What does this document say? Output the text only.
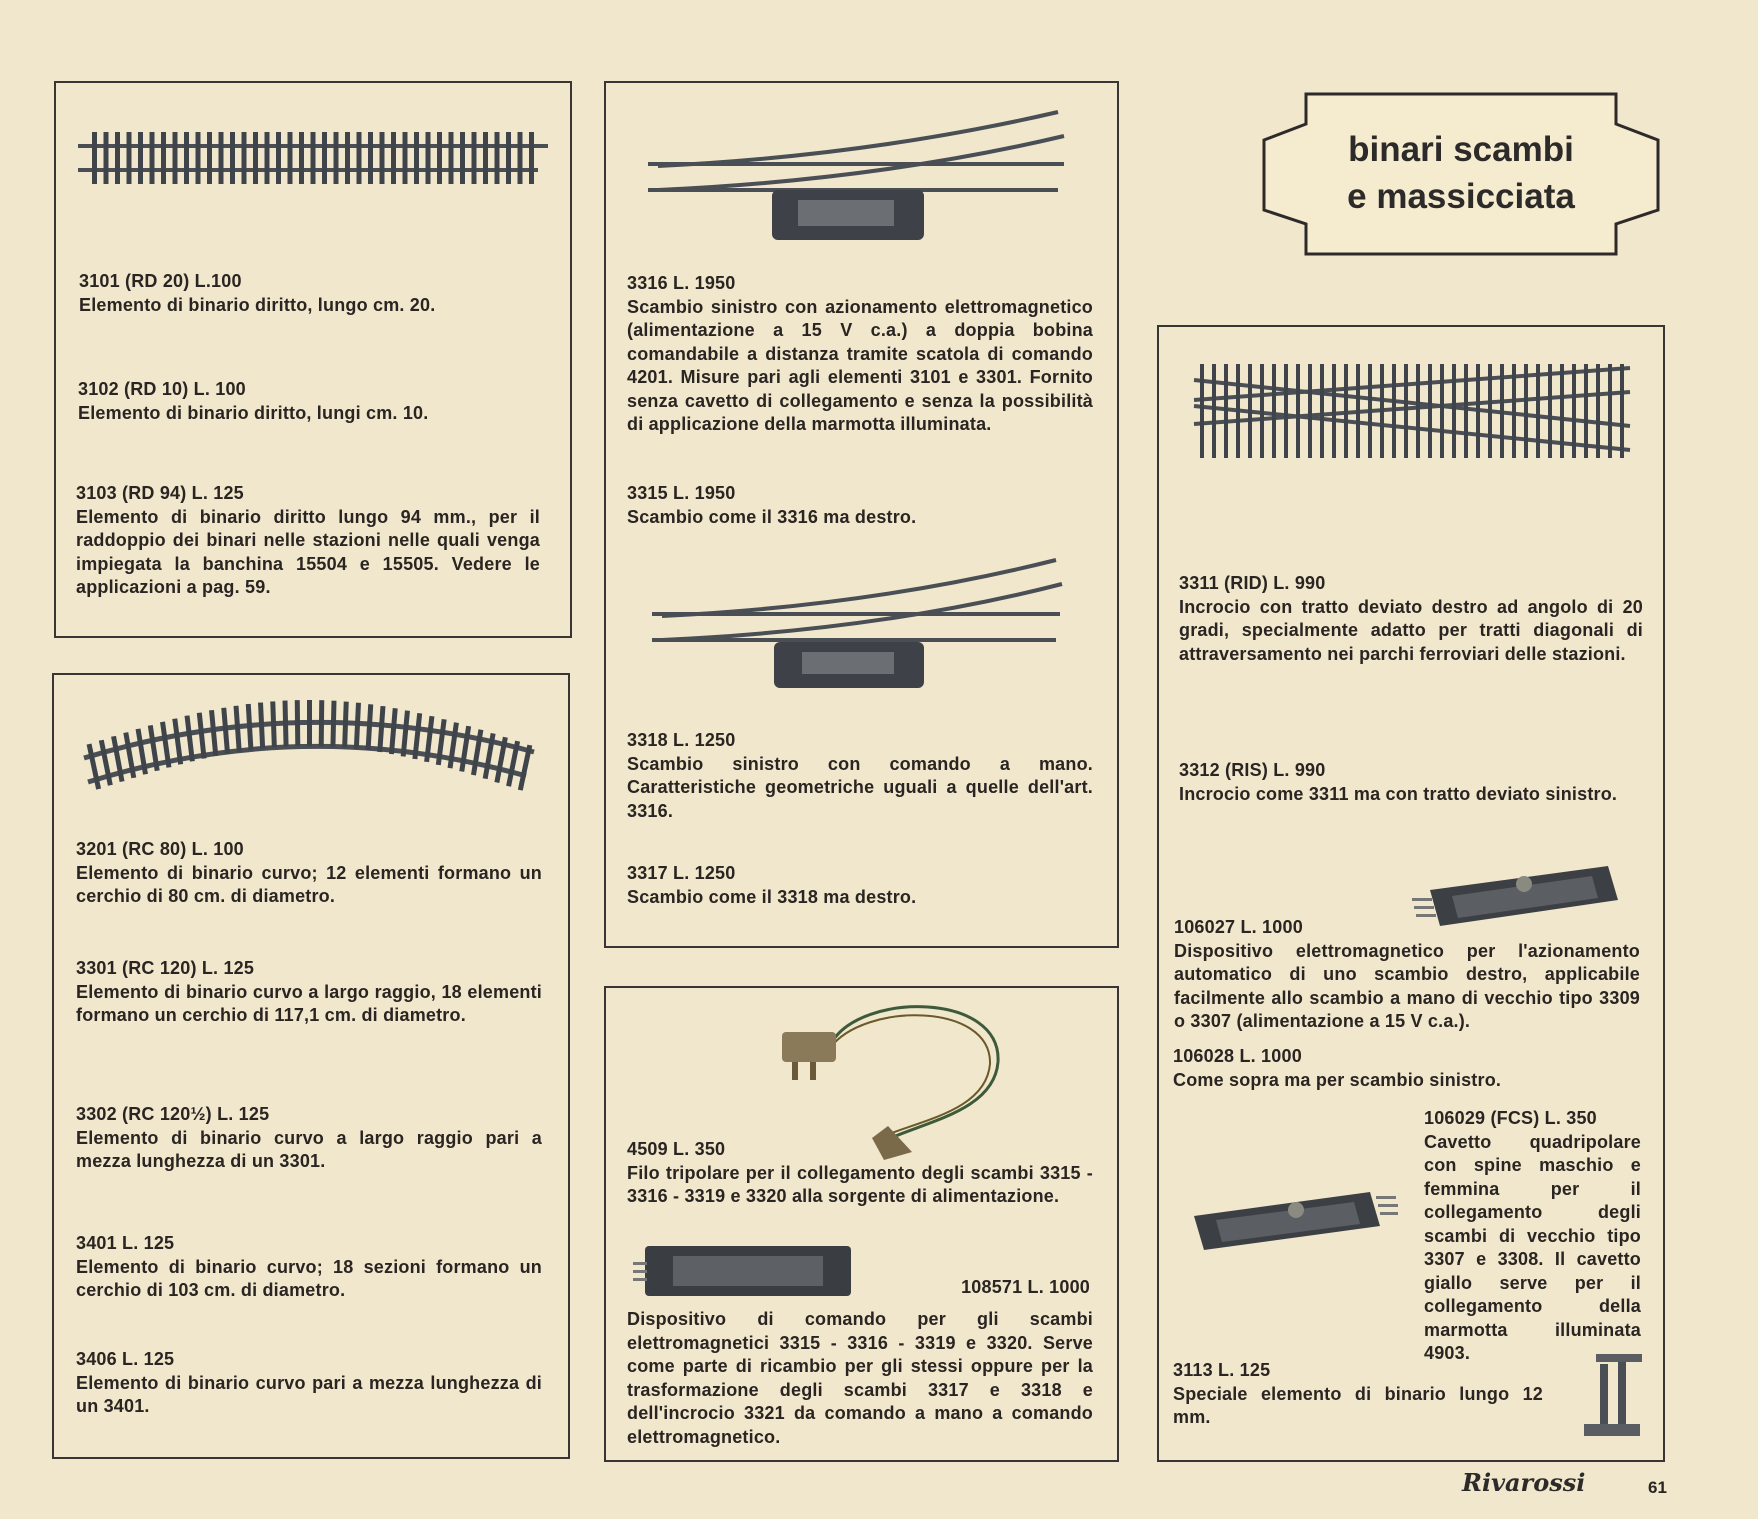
3101 (RD 20) L.100
Elemento di binario diritto, lungo cm. 20.
3102 (RD 10) L. 100
Elemento di binario diritto, lungi cm. 10.
3103 (RD 94) L. 125
Elemento di binario diritto lungo 94 mm., per il raddoppio dei binari nelle stazioni nelle quali venga impiegata la banchina 15504 e 15505. Vedere le applicazioni a pag. 59.
3201 (RC 80) L. 100
Elemento di binario curvo; 12 elementi formano un cerchio di 80 cm. di diametro.
3301 (RC 120) L. 125
Elemento di binario curvo a largo raggio, 18 elementi formano un cerchio di 117,1 cm. di diametro.
3302 (RC 120½) L. 125
Elemento di binario curvo a largo raggio pari a mezza lunghezza di un 3301.
3401 L. 125
Elemento di binario curvo; 18 sezioni formano un cerchio di 103 cm. di diametro.
3406 L. 125
Elemento di binario curvo pari a mezza lunghezza di un 3401.
3316 L. 1950
Scambio sinistro con azionamento elettromagnetico (alimentazione a 15 V c.a.) a doppia bobina comandabile a distanza tramite scatola di comando 4201. Misure pari agli elementi 3101 e 3301. Fornito senza cavetto di collegamento e senza la possibilità di applicazione della marmotta illuminata.
3315 L. 1950
Scambio come il 3316 ma destro.
3318 L. 1250
Scambio sinistro con comando a mano. Caratteristiche geometriche uguali a quelle dell'art. 3316.
3317 L. 1250
Scambio come il 3318 ma destro.
4509 L. 350
Filo tripolare per il collegamento degli scambi 3315 - 3316 - 3319 e 3320 alla sorgente di alimentazione.
108571 L. 1000
Dispositivo di comando per gli scambi elettromagnetici 3315 - 3316 - 3319 e 3320. Serve come parte di ricambio per gli stessi oppure per la trasformazione degli scambi 3317 e 3318 e dell'incrocio 3321 da comando a mano a comando elettromagnetico.
binari scambi
e massicciata
3311 (RID) L. 990
Incrocio con tratto deviato destro ad angolo di 20 gradi, specialmente adatto per tratti diagonali di attraversamento nei parchi ferroviari delle stazioni.
3312 (RIS) L. 990
Incrocio come 3311 ma con tratto deviato sinistro.
106027 L. 1000
Dispositivo elettromagnetico per l'azionamento automatico di uno scambio destro, applicabile facilmente allo scambio a mano di vecchio tipo 3309 o 3307 (alimentazione a 15 V c.a.).
106028 L. 1000
Come sopra ma per scambio sinistro.
106029 (FCS) L. 350
Cavetto quadripolare con spine maschio e femmina per il collegamento degli scambi di vecchio tipo 3307 e 3308. Il cavetto giallo serve per il collegamento della marmotta illuminata 4903.
3113 L. 125
Speciale elemento di binario lungo 12 mm.
Rivarossi	61
